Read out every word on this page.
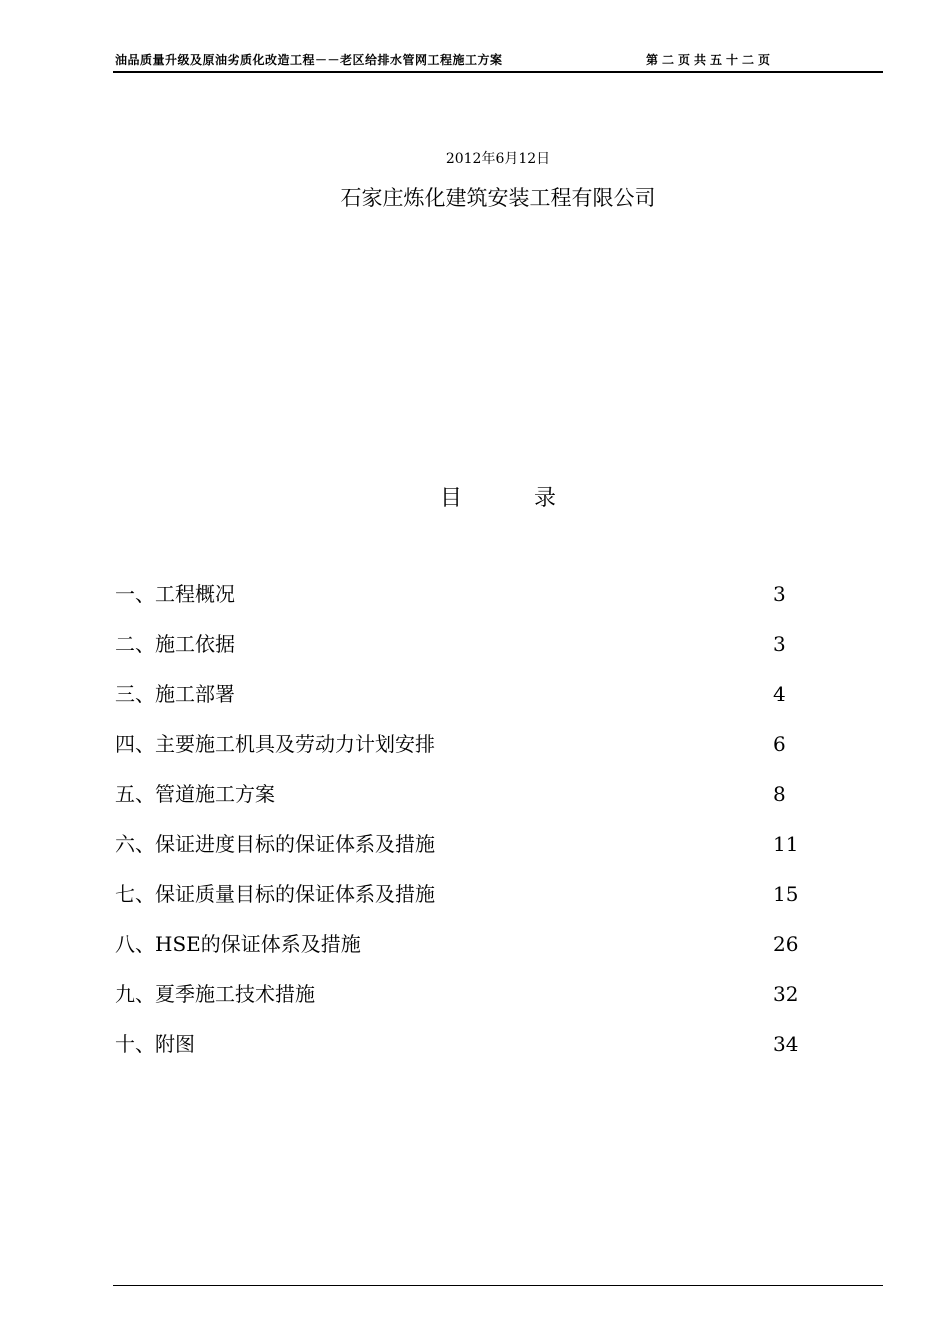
油品质量升级及原油劣质化改造工程－－老区给排水管网工程施工方案	第二页共五十二页
2012年6月12日
石家庄炼化建筑安装工程有限公司
目	录
一、工程概况	3
二、施工依据	3
三、施工部署	4
四、主要施工机具及劳动力计划安排	6
五、管道施工方案	8
六、保证进度目标的保证体系及措施	11
七、保证质量目标的保证体系及措施	15
八、HSE的保证体系及措施	26
九、夏季施工技术措施	32
十、附图	34
